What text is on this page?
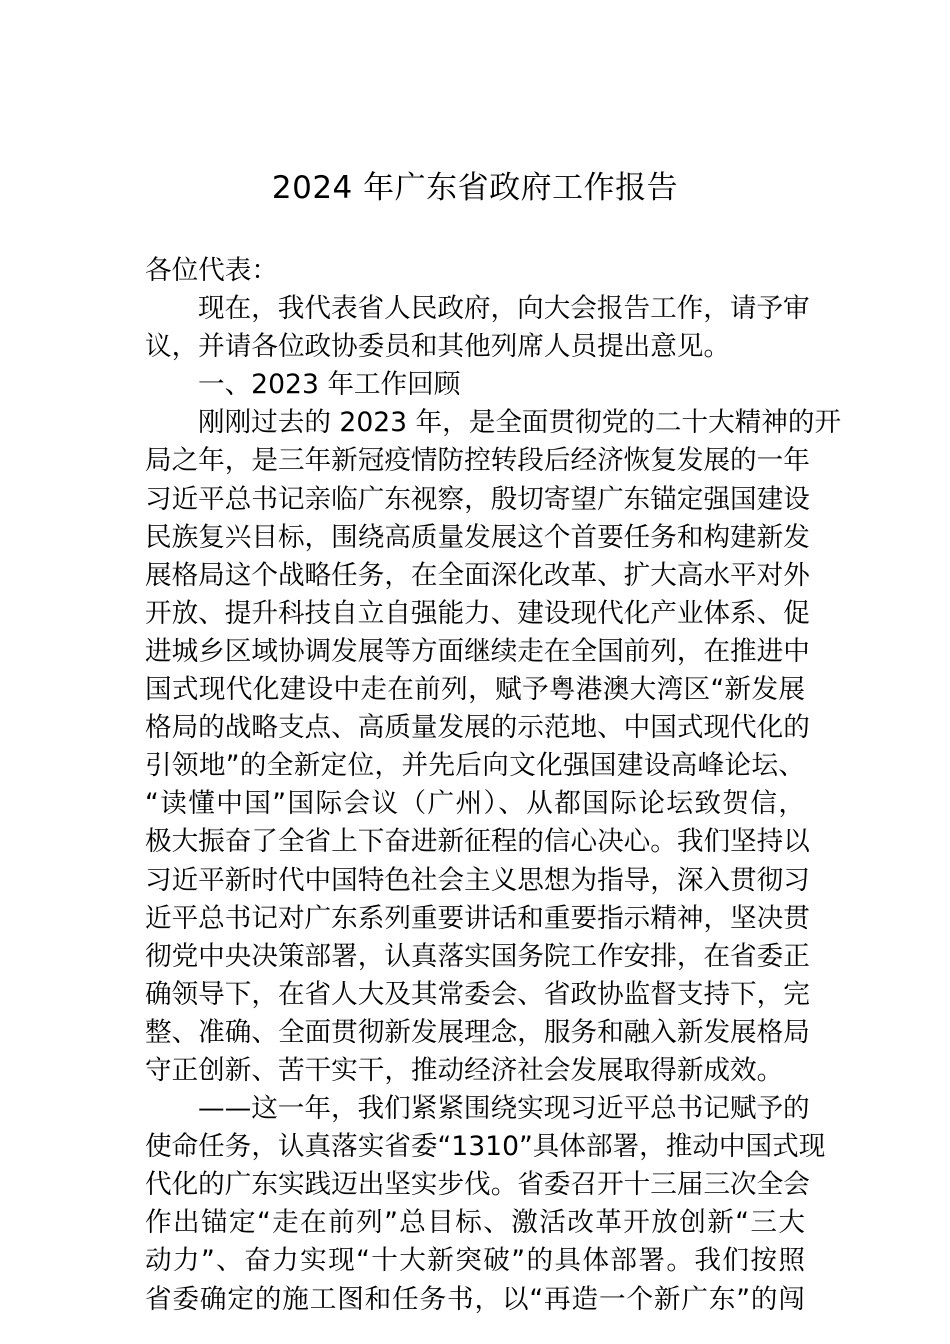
2024 年广东省政府工作报告
各位代表：
现在，我代表省人民政府，向大会报告工作，请予审
议，并请各位政协委员和其他列席人员提出意见。
一、2023 年工作回顾
刚刚过去的 2023 年，是全面贯彻党的二十大精神的开
局之年，是三年新冠疫情防控转段后经济恢复发展的一年
习近平总书记亲临广东视察，殷切寄望广东锚定强国建设
民族复兴目标，围绕高质量发展这个首要任务和构建新发
展格局这个战略任务，在全面深化改革、扩大高水平对外
开放、提升科技自立自强能力、建设现代化产业体系、促
进城乡区域协调发展等方面继续走在全国前列，在推进中
国式现代化建设中走在前列，赋予粤港澳大湾区“新发展
格局的战略支点、高质量发展的示范地、中国式现代化的
引领地”的全新定位，并先后向文化强国建设高峰论坛、
“读懂中国”国际会议（广州）、从都国际论坛致贺信，
极大振奋了全省上下奋进新征程的信心决心。我们坚持以
习近平新时代中国特色社会主义思想为指导，深入贯彻习
近平总书记对广东系列重要讲话和重要指示精神，坚决贯
彻党中央决策部署，认真落实国务院工作安排，在省委正
确领导下，在省人大及其常委会、省政协监督支持下，完
整、准确、全面贯彻新发展理念，服务和融入新发展格局
守正创新、苦干实干，推动经济社会发展取得新成效。
——这一年，我们紧紧围绕实现习近平总书记赋予的
使命任务，认真落实省委“1310”具体部署，推动中国式现
代化的广东实践迈出坚实步伐。省委召开十三届三次全会
作出锚定“走在前列”总目标、激活改革开放创新“三大
动力”、奋力实现“十大新突破”的具体部署。我们按照
省委确定的施工图和任务书，以“再造一个新广东”的闯
